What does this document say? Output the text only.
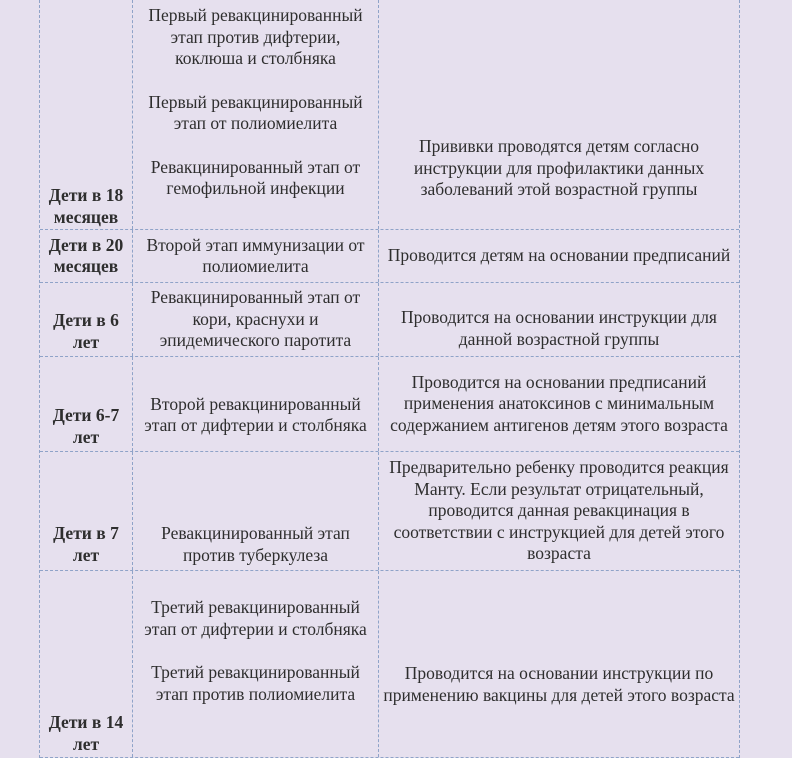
Дети в 18 месяцев
Первый ревакцинированный этап против дифтерии, коклюша и столбняка
Первый ревакцинированный этап от полиомиелита
Ревакцинированный этап от гемофильной инфекции
Прививки проводятся детям согласно инструкции для профилактики данных заболеваний этой возрастной группы
Дети в 20 месяцев
Второй этап иммунизации от полиомиелита
Проводится детям на основании предписаний
Дети в 6 лет
Ревакцинированный этап от кори, краснухи и эпидемического паротита
Проводится на основании инструкции для данной возрастной группы
Дети 6-7 лет
Второй ревакцинированный этап от дифтерии и столбняка
Проводится на основании предписаний применения анатоксинов с минимальным содержанием антигенов детям этого возраста
Дети в 7 лет
Ревакцинированный этап против туберкулеза
Предварительно ребенку проводится реакция Манту. Если результат отрицательный, проводится данная ревакцинация в соответствии с инструкцией для детей этого возраста
Дети в 14 лет
Третий ревакцинированный этап от дифтерии и столбняка
Третий ревакцинированный этап против полиомиелита
Проводится на основании инструкции по применению вакцины для детей этого возраста
